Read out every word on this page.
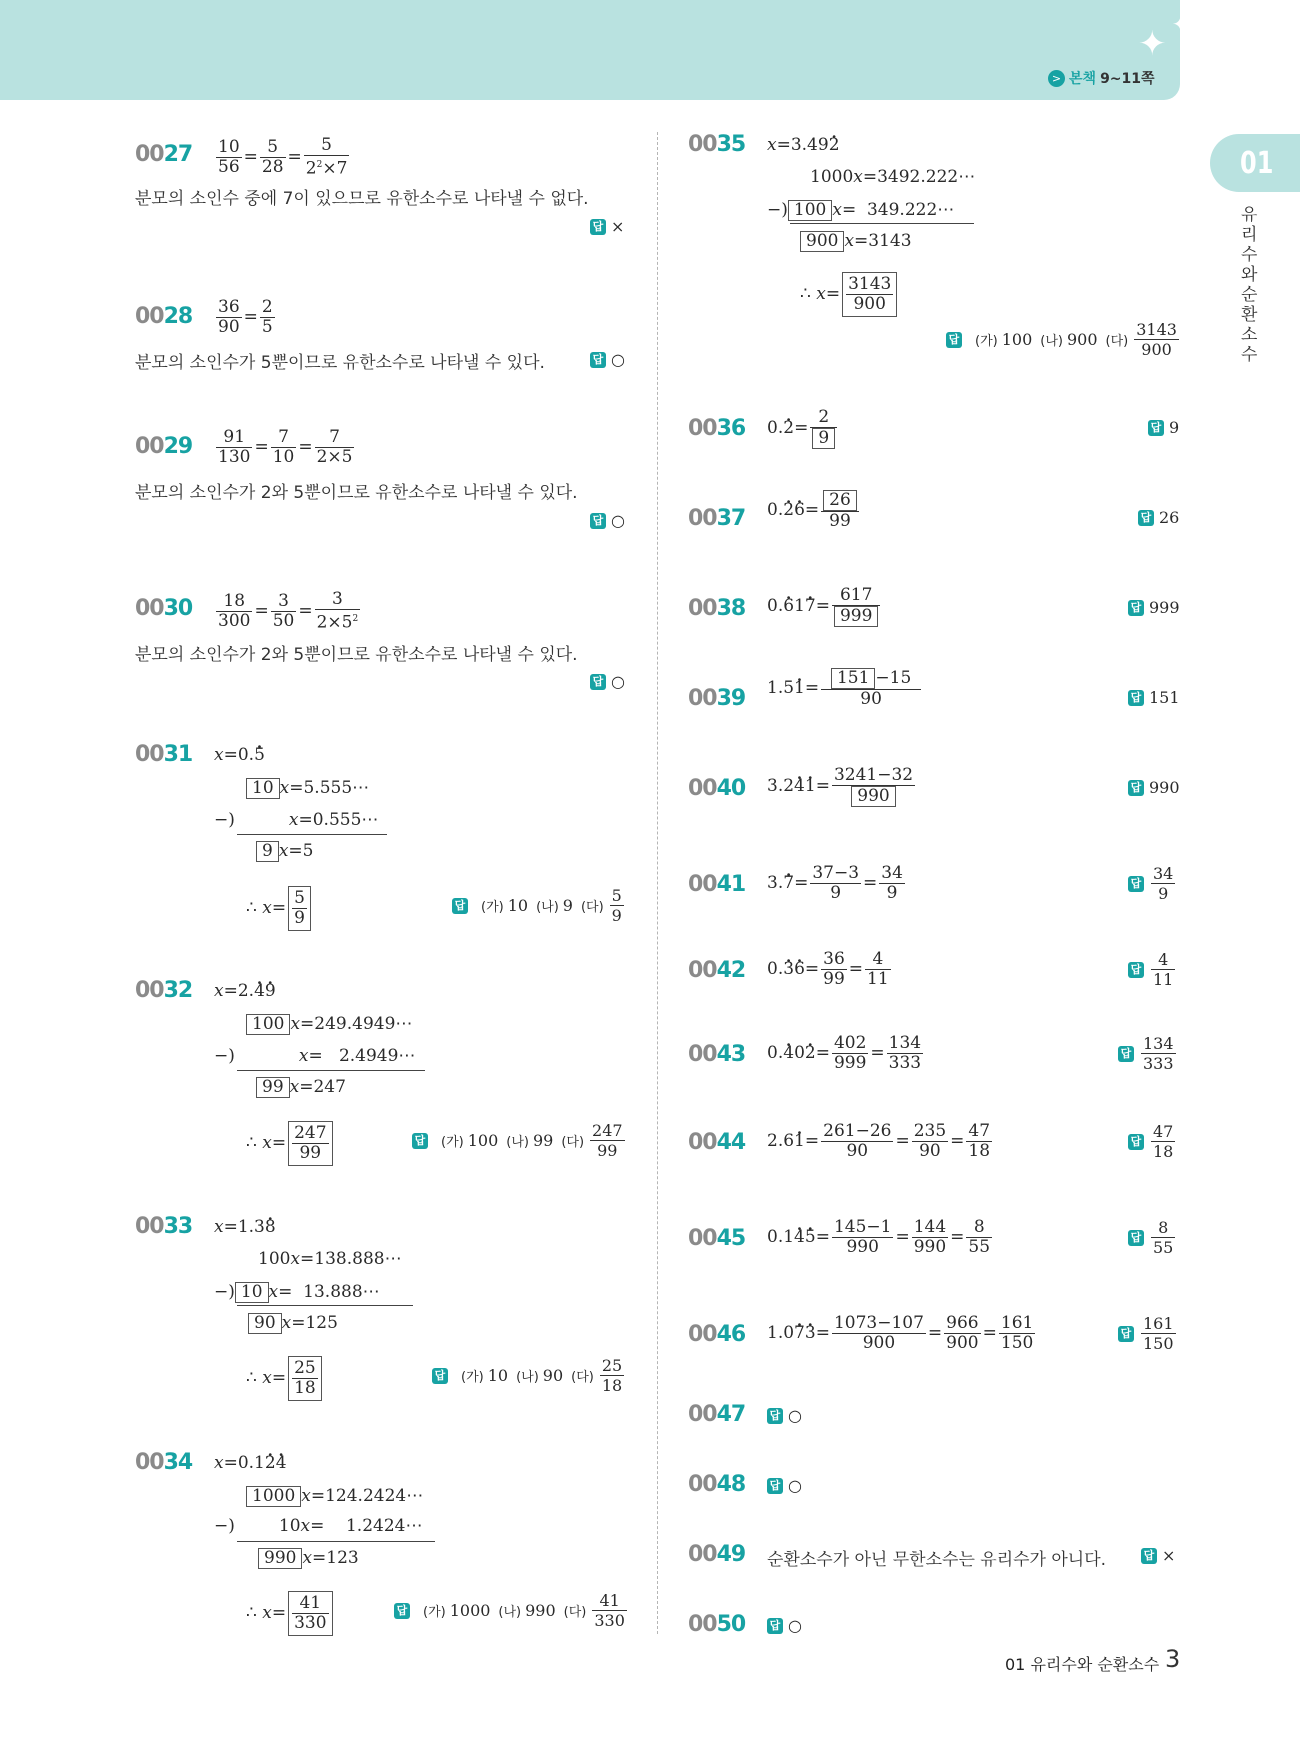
✦ ✦
> 본책 9~11쪽
01
유리수와 순환소수
$0027 \frac{10}{56} = \frac{5}{28} = \frac{5}{2^2\times 7}$
분모의 소인수 중에 7이 있으므로 유한소수로 나타낼 수 없다.
답 ×
$0028 \frac{36}{90} = \frac{2}{5}$
분모의 소인수가 5뿐이므로 유한소수로 나타낼 수 있다.	답 ○
$0029 \frac{91}{130} = \frac{7}{10} = \frac{7}{2\times 5}$
분모의 소인수가 2와 5뿐이므로 유한소수로 나타낼 수 있다.
답 ○
$0030 \frac{18}{300} = \frac{3}{50} = \frac{3}{2\times 5^2}$
분모의 소인수가 2와 5뿐이므로 유한소수로 나타낼 수 있다.
답 ○
0031 x=0.5 .
10 x=5.555⋯
−)	x=0.555⋯
9 x=5
∴ $x= \frac{5}{9}$	답 (가) 10 (나) 9 (다)
5
9
0032 x=2.4 .9 .
100 x=249.4949⋯
−)	x=   2.4949⋯
99 x=247
∴ $x= \frac{247}{99}$	답 (가) 100 (나) 99 (다)
247
99
0033 x=1.38 .
100x=138.888⋯
−) 10 x=  13.888⋯
90 x=125
∴ $x= \frac{25}{18}$	답 (가) 10 (나) 90 (다)
25
18
0034 x=0.12 .4 .
1000 x=124.2424⋯
−)	10x=    1.2424⋯
990 x=123
∴ $x= \frac{41}{330}$	답 (가) 1000 (나) 990 (다)
41
330
0035 x=3.492 .
1000x=3492.222⋯
−) 100 x=  349.222⋯
900 x=3143
∴ $x= \frac{3143}{900}$
답 (가) 100 (나) 900 (다)
3143
900
0036 0.2 .= $\frac{2}{9}$	답 9
0037 0.2 .6 .= $\frac{26}{99}$	답 26
0038 0.6 .17 .= $\frac{617}{999}$	답 999
0039 1.51 .= $\frac{151 -15}{90}$	답 151
0040 3.24 .1 .= $\frac{3241-32}{990}$	답 990
0041 3.7 .= $\frac{37-3}{9} = \frac{34}{9}$	답 34
9
0042 0.3 .6 .= $\frac{36}{99} = \frac{4}{11}$	답	4
11
0043 0.4 .02 .= $\frac{402}{999} = \frac{134}{333}$	답 134
333
0044 2.61 .= $\frac{261-26}{90} = \frac{235}{90} = \frac{47}{18}$	답 47
18
0045 0.14 .5 .= $\frac{145-1}{990} = \frac{144}{990} = \frac{8}{55}$	답	8
55
0046 1.07 .3 .= $\frac{1073-107}{900} = \frac{966}{900} = \frac{161}{150}$	답 161
150
0047 답 ○
0048 답 ○
0049 순환소수가 아닌 무한소수는 유리수가 아니다.	답 ×
0050 답 ○
01 유리수와 순환소수 3
